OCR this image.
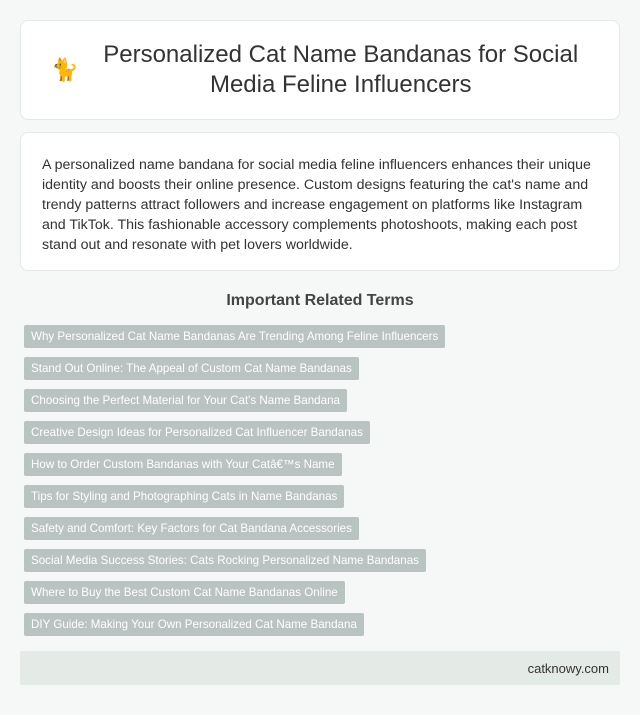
🐈
Personalized Cat Name Bandanas for Social Media Feline Influencers

A personalized name bandana for social media feline influencers enhances their unique identity and boosts their online presence. Custom designs featuring the cat's name and trendy patterns attract followers and increase engagement on platforms like Instagram and TikTok. This fashionable accessory complements photoshoots, making each post stand out and resonate with pet lovers worldwide.

Important Related Terms
Why Personalized Cat Name Bandanas Are Trending Among Feline Influencers
Stand Out Online: The Appeal of Custom Cat Name Bandanas
Choosing the Perfect Material for Your Cat's Name Bandana
Creative Design Ideas for Personalized Cat Influencer Bandanas
How to Order Custom Bandanas with Your Catâ€™s Name
Tips for Styling and Photographing Cats in Name Bandanas
Safety and Comfort: Key Factors for Cat Bandana Accessories
Social Media Success Stories: Cats Rocking Personalized Name Bandanas
Where to Buy the Best Custom Cat Name Bandanas Online
DIY Guide: Making Your Own Personalized Cat Name Bandana
catknowy.com
